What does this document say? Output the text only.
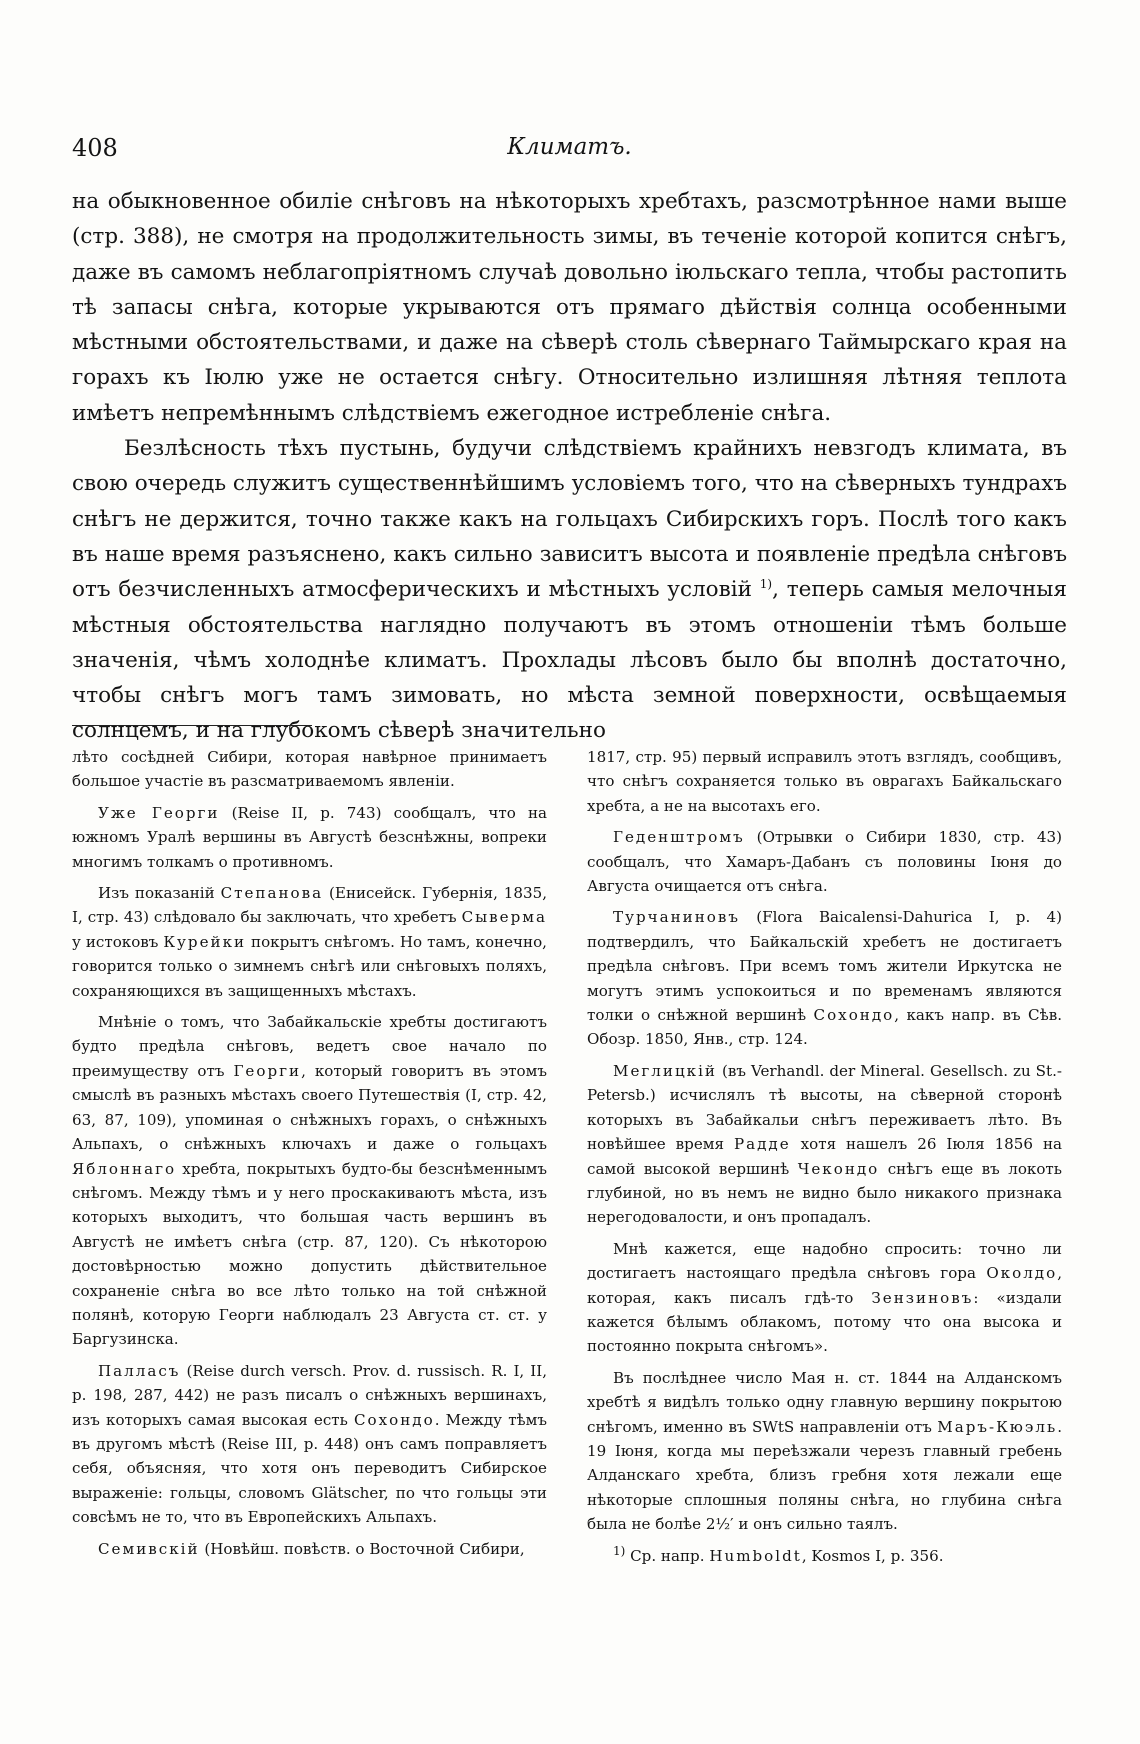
408	Климатъ.

на обыкновенное обиліе снѣговъ на нѣкоторыхъ хребтахъ, разсмотрѣнное нами выше (стр. 388), не смотря на продолжительность зимы, въ теченіе которой копится снѣгъ, даже въ самомъ неблагопріятномъ случаѣ довольно іюльскаго тепла, чтобы растопить тѣ запасы снѣга, которые укрываются отъ прямаго дѣйствія солнца особенными мѣстными обстоятельствами, и даже на сѣверѣ столь сѣвернаго Таймырскаго края на горахъ къ Іюлю уже не остается снѣгу. Относительно излишняя лѣтняя теплота имѣетъ непремѣннымъ слѣдствіемъ ежегодное истребленіе снѣга.

Безлѣсность тѣхъ пустынь, будучи слѣдствіемъ крайнихъ невзгодъ климата, въ свою очередь служитъ существеннѣйшимъ условіемъ того, что на сѣверныхъ тундрахъ снѣгъ не держится, точно также какъ на гольцахъ Сибирскихъ горъ. Послѣ того какъ въ наше время разъяснено, какъ сильно зависитъ высота и появленіе предѣла снѣговъ отъ безчисленныхъ атмосферическихъ и мѣстныхъ условій $^{1)}$, теперь самыя мелочныя мѣстныя обстоятельства наглядно получаютъ въ этомъ отношеніи тѣмъ больше значенія, чѣмъ холоднѣе климатъ. Прохлады лѣсовъ было бы вполнѣ достаточно, чтобы снѣгъ могъ тамъ зимовать, но мѣста земной поверхности, освѣщаемыя солнцемъ, и на глубокомъ сѣверѣ значительно

лѣто сосѣдней Сибири, которая навѣрное принимаетъ большое участіе въ разсматриваемомъ явленіи.

Уже Георги (Reise II, p. 743) сообщалъ, что на южномъ Уралѣ вершины въ Августѣ безснѣжны, вопреки многимъ толкамъ о противномъ.

Изъ показаній Степанова (Енисейск. Губернія, 1835, I, стр. 43) слѣдовало бы заключать, что хребетъ Сыверма у истоковъ Курейки покрытъ снѣгомъ. Но тамъ, конечно, говорится только о зимнемъ снѣгѣ или снѣговыхъ поляхъ, сохраняющихся въ защищенныхъ мѣстахъ.

Мнѣніе о томъ, что Забайкальскіе хребты достигаютъ будто предѣла снѣговъ, ведетъ свое начало по преимуществу отъ Георги, который говоритъ въ этомъ смыслѣ въ разныхъ мѣстахъ своего Путешествія (I, стр. 42, 63, 87, 109), упоминая о снѣжныхъ горахъ, о снѣжныхъ Альпахъ, о снѣжныхъ ключахъ и даже о гольцахъ Яблоннаго хребта, покрытыхъ будто-бы безснѣменнымъ снѣгомъ. Между тѣмъ и у него проскакиваютъ мѣста, изъ которыхъ выходитъ, что большая часть вершинъ въ Августѣ не имѣетъ снѣга (стр. 87, 120). Съ нѣкоторою достовѣрностью можно допустить дѣйствительное сохраненіе снѣга во все лѣто только на той снѣжной полянѣ, которую Георги наблюдалъ 23 Августа ст. ст. у Баргузинска.

Палласъ (Reise durch versch. Prov. d. russisch. R. I, II, p. 198, 287, 442) не разъ писалъ о снѣжныхъ вершинахъ, изъ которыхъ самая высокая есть Сохондо. Между тѣмъ въ другомъ мѣстѣ (Reise III, p. 448) онъ самъ поправляетъ себя, объясняя, что хотя онъ переводитъ Сибирское выраженіе: гольцы, словомъ Glätscher, по что гольцы эти совсѣмъ не то, что въ Европейскихъ Альпахъ.

Семивскій (Новѣйш. повѣств. о Восточной Сибири,

1817, стр. 95) первый исправилъ этотъ взглядъ, сообщивъ, что снѣгъ сохраняется только въ оврагахъ Байкальскаго хребта, а не на высотахъ его.

Геденштромъ (Отрывки о Сибири 1830, стр. 43) сообщалъ, что Хамаръ-Дабанъ съ половины Іюня до Августа очищается отъ снѣга.

Турчаниновъ (Flora Baicalensi-Dahurica I, p. 4) подтвердилъ, что Байкальскій хребетъ не достигаетъ предѣла снѣговъ. При всемъ томъ жители Иркутска не могутъ этимъ успокоиться и по временамъ являются толки о снѣжной вершинѣ Сохондо, какъ напр. въ Сѣв. Обозр. 1850, Янв., стр. 124.

Меглицкій (въ Verhandl. der Mineral. Gesellsch. zu St.-Petersb.) исчислялъ тѣ высоты, на сѣверной сторонѣ которыхъ въ Забайкальи снѣгъ переживаетъ лѣто. Въ новѣйшее время Радде хотя нашелъ 26 Іюля 1856 на самой высокой вершинѣ Чекондо снѣгъ еще въ локоть глубиной, но въ немъ не видно было никакого признака нерегодовалости, и онъ пропадалъ.

Мнѣ кажется, еще надобно спросить: точно ли достигаетъ настоящаго предѣла снѣговъ гора Околдо, которая, какъ писалъ гдѣ-то Зензиновъ: «издали кажется бѣлымъ облакомъ, потому что она высока и постоянно покрыта снѣгомъ».

Въ послѣднее число Мая н. ст. 1844 на Алданскомъ хребтѣ я видѣлъ только одну главную вершину покрытою снѣгомъ, именно въ SWtS направленіи отъ Маръ-Кюэль. 19 Іюня, когда мы переѣзжали черезъ главный гребень Алданскаго хребта, близъ гребня хотя лежали еще нѣкоторые сплошныя поляны снѣга, но глубина снѣга была не болѣе 2½′ и онъ сильно таялъ.

$^{1)}$ Ср. напр. Humboldt, Kosmos I, p. 356.
